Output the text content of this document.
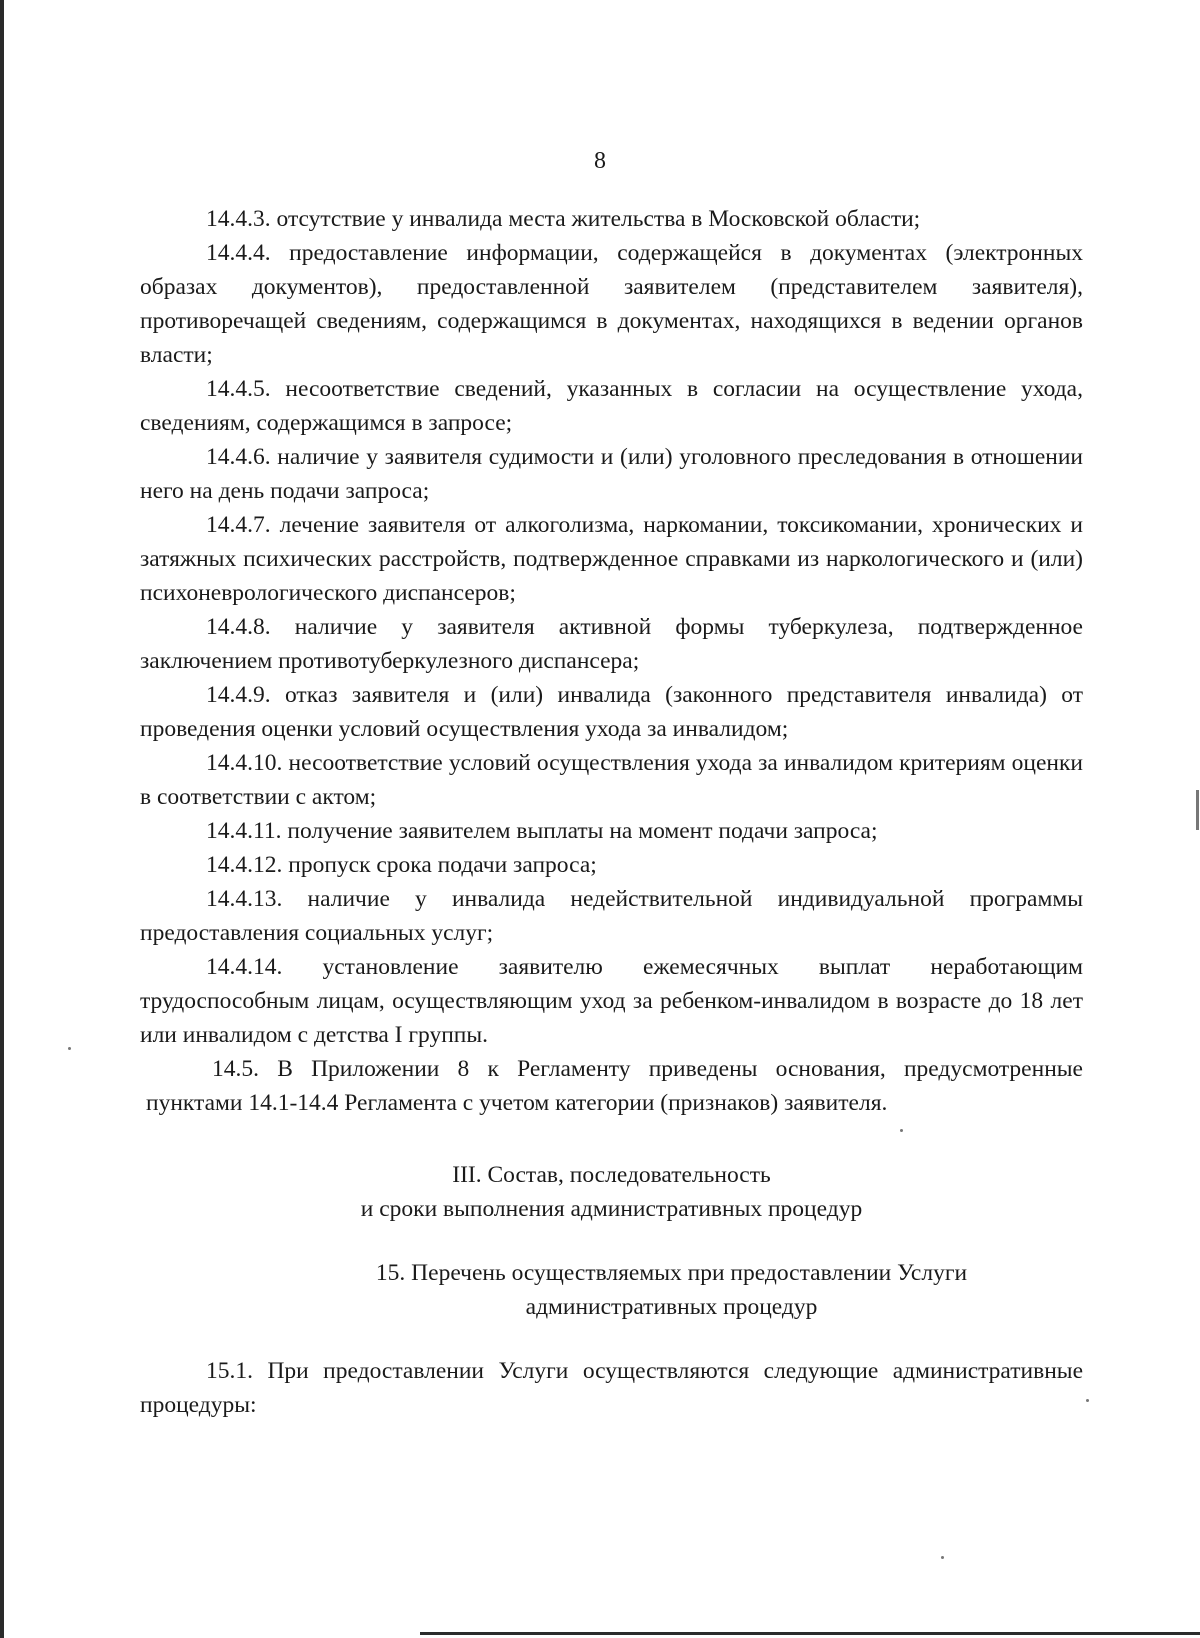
8

14.4.3. отсутствие у инвалида места жительства в Московской области;

14.4.4. предоставление информации, содержащейся в документах (электронных образах документов), предоставленной заявителем (представителем заявителя), противоречащей сведениям, содержащимся в документах, находящихся в ведении органов власти;

14.4.5. несоответствие сведений, указанных в согласии на осуществление ухода, сведениям, содержащимся в запросе;

14.4.6. наличие у заявителя судимости и (или) уголовного преследования в отношении него на день подачи запроса;

14.4.7. лечение заявителя от алкоголизма, наркомании, токсикомании, хронических и затяжных психических расстройств, подтвержденное справками из наркологического и (или) психоневрологического диспансеров;

14.4.8. наличие у заявителя активной формы туберкулеза, подтвержденное заключением противотуберкулезного диспансера;

14.4.9. отказ заявителя и (или) инвалида (законного представителя инвалида) от проведения оценки условий осуществления ухода за инвалидом;

14.4.10. несоответствие условий осуществления ухода за инвалидом критериям оценки в соответствии с актом;

14.4.11. получение заявителем выплаты на момент подачи запроса;

14.4.12. пропуск срока подачи запроса;

14.4.13. наличие у инвалида недействительной индивидуальной программы предоставления социальных услуг;

14.4.14. установление заявителю ежемесячных выплат неработающим трудоспособным лицам, осуществляющим уход за ребенком-инвалидом в возрасте до 18 лет или инвалидом с детства I группы.

14.5. В Приложении 8 к Регламенту приведены основания, предусмотренные пунктами 14.1-14.4 Регламента с учетом категории (признаков) заявителя.

III. Состав, последовательность

и сроки выполнения административных процедур

15. Перечень осуществляемых при предоставлении Услуги

административных процедур

15.1. При предоставлении Услуги осуществляются следующие административные процедуры:
